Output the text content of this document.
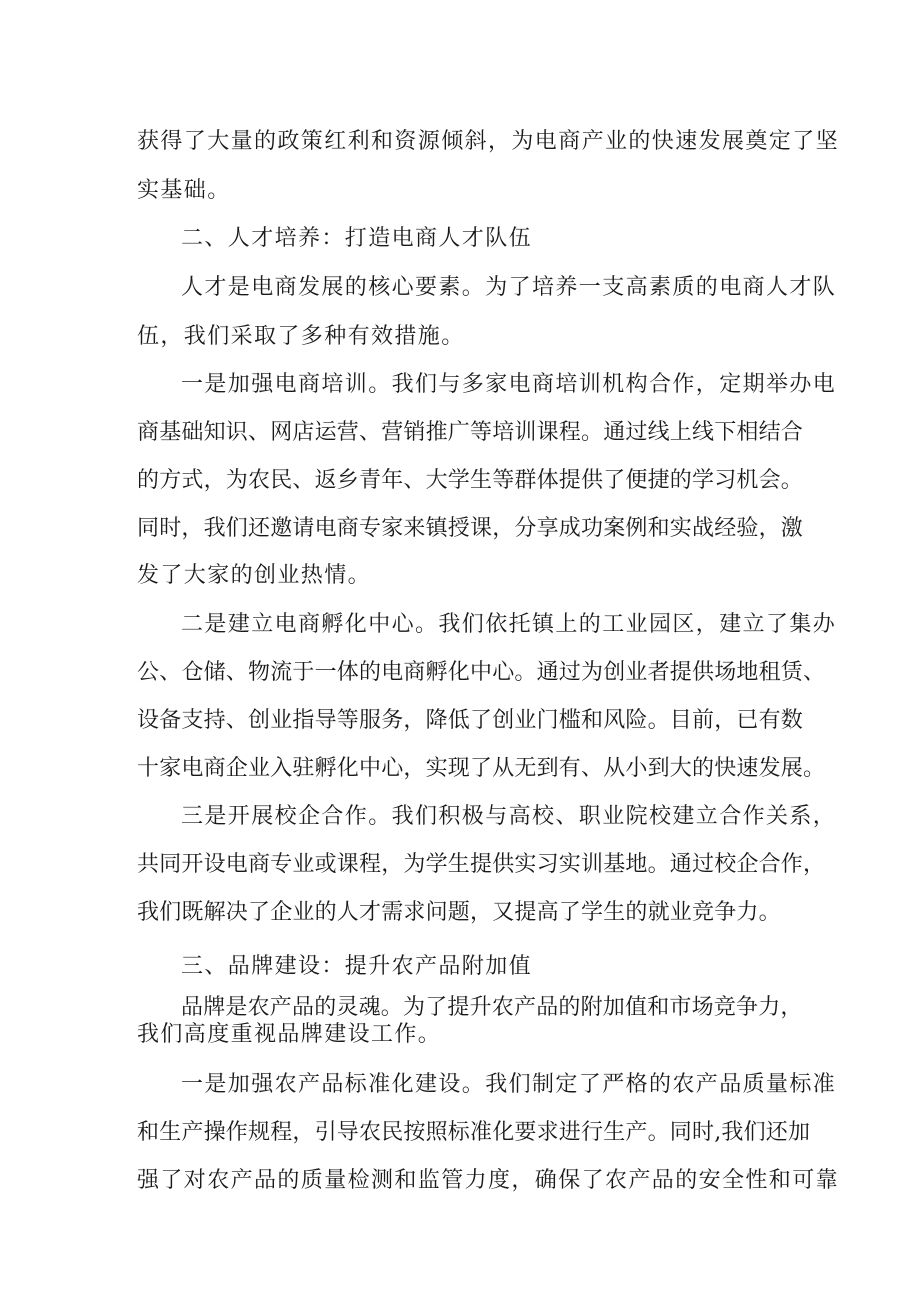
获得了大量的政策红利和资源倾斜，为电商产业的快速发展奠定了坚
实基础。
二、人才培养：打造电商人才队伍
人才是电商发展的核心要素。为了培养一支高素质的电商人才队
伍，我们采取了多种有效措施。
一是加强电商培训。我们与多家电商培训机构合作，定期举办电
商基础知识、网店运营、营销推广等培训课程。通过线上线下相结合
的方式，为农民、返乡青年、大学生等群体提供了便捷的学习机会。
同时，我们还邀请电商专家来镇授课，分享成功案例和实战经验，激
发了大家的创业热情。
二是建立电商孵化中心。我们依托镇上的工业园区，建立了集办
公、仓储、物流于一体的电商孵化中心。通过为创业者提供场地租赁、
设备支持、创业指导等服务，降低了创业门槛和风险。目前，已有数
十家电商企业入驻孵化中心，实现了从无到有、从小到大的快速发展。
三是开展校企合作。我们积极与高校、职业院校建立合作关系，
共同开设电商专业或课程，为学生提供实习实训基地。通过校企合作，
我们既解决了企业的人才需求问题，又提高了学生的就业竞争力。
三、品牌建设：提升农产品附加值
品牌是农产品的灵魂。为了提升农产品的附加值和市场竞争力，
我们高度重视品牌建设工作。
一是加强农产品标准化建设。我们制定了严格的农产品质量标准
和生产操作规程，引导农民按照标准化要求进行生产。同时,我们还加
强了对农产品的质量检测和监管力度，确保了农产品的安全性和可靠
